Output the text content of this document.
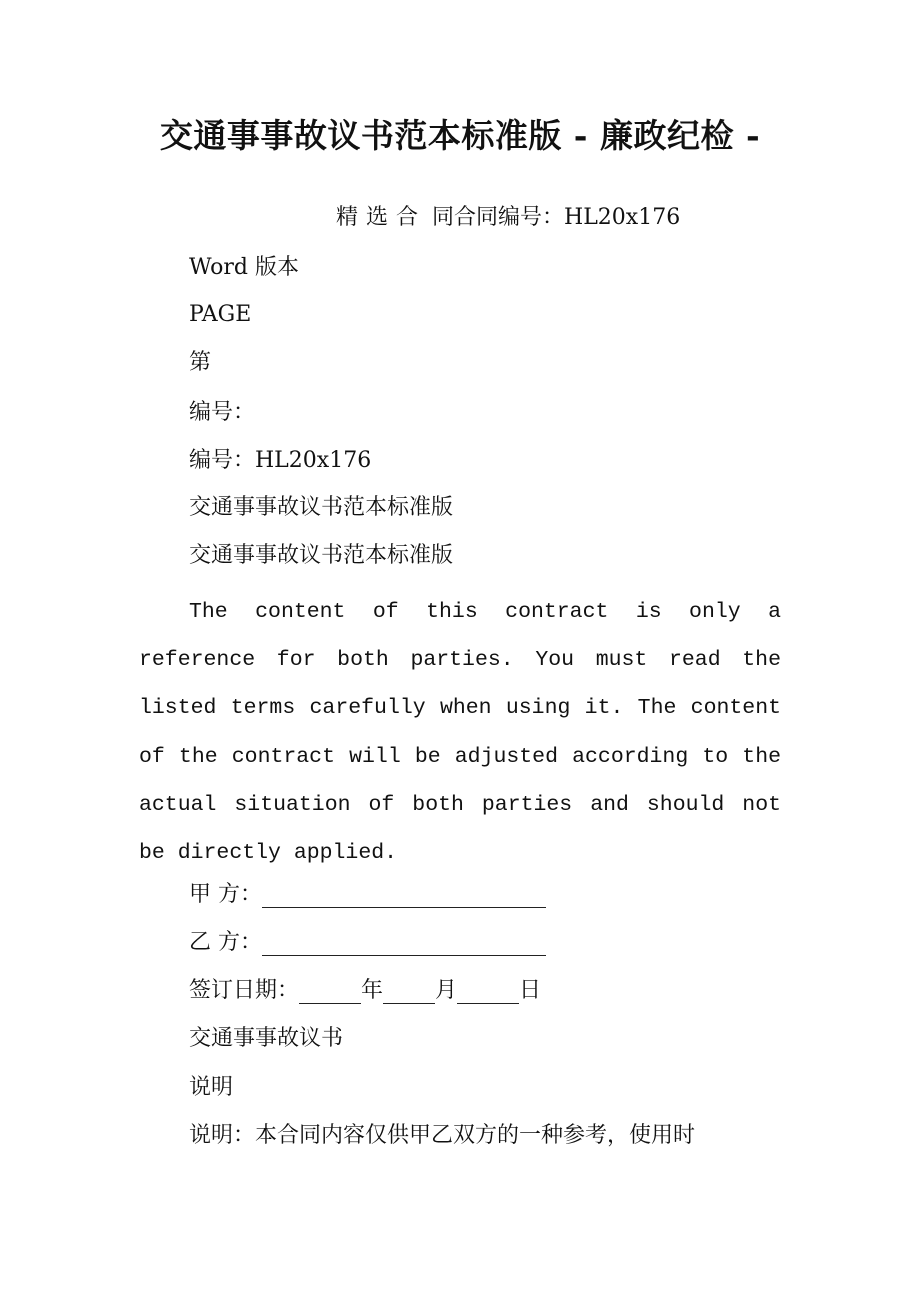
交通事事故议书范本标准版 - 廉政纪检 -
精选合 同合同编号：HL20x176
Word 版本
PAGE
第
编号：
编号：HL20x176
交通事事故议书范本标准版
交通事事故议书范本标准版
The content of this contract is only a reference for both parties. You must read the listed terms carefully when using it. The content of the contract will be adjusted according to the actual situation of both parties and should not be directly applied.
甲 方：
乙 方：
签订日期：	年 月	日
交通事事故议书
说明
说明：本合同内容仅供甲乙双方的一种参考，使用时
